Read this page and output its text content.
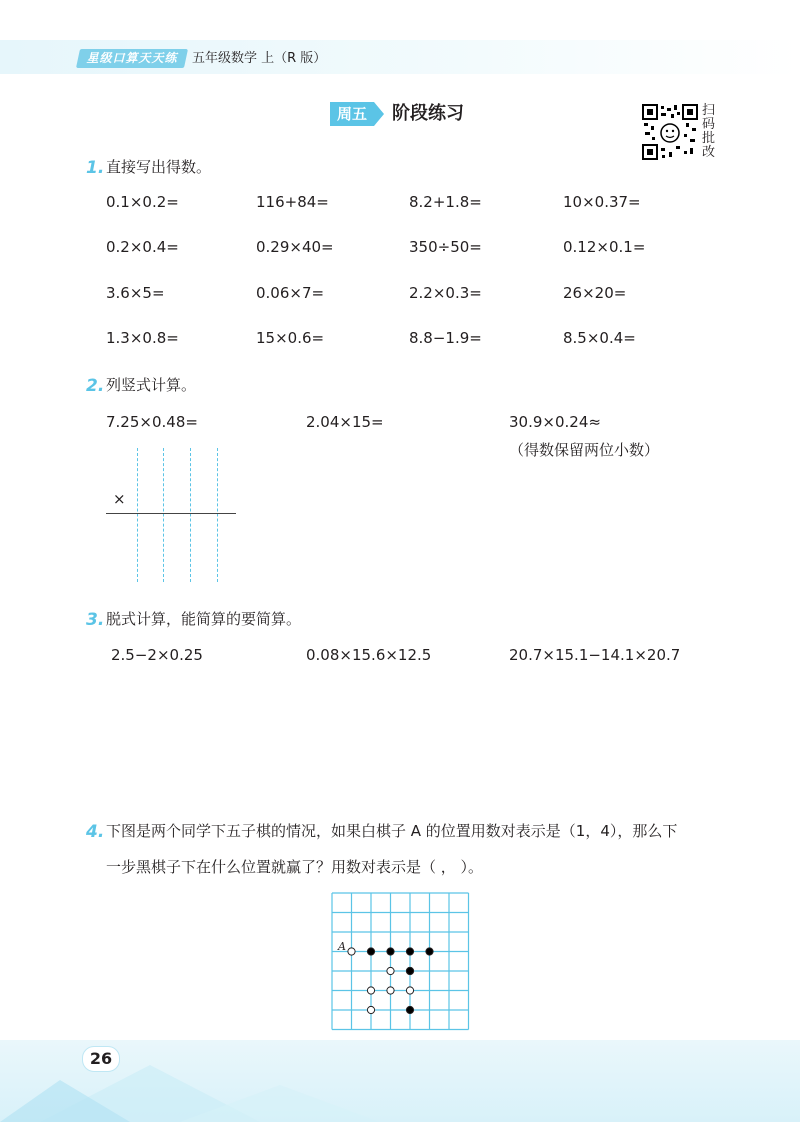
星级口算天天练	五年级数学 上（R 版）
周五	阶段练习	扫码批改
1. 直接写出得数。
0.1×0.2=	116+84=	8.2+1.8=	10×0.37=
0.2×0.4=	0.29×40=	350÷50=	0.12×0.1=
3.6×5=	0.06×7=	2.2×0.3=	26×20=
1.3×0.8=	15×0.6=	8.8−1.9=	8.5×0.4=
2. 列竖式计算。
7.25×0.48=	2.04×15=	30.9×0.24≈
（得数保留两位小数）
×
3. 脱式计算，能简算的要简算。
2.5−2×0.25	0.08×15.6×12.5	20.7×15.1−14.1×20.7
4. 下图是两个同学下五子棋的情况，如果白棋子 A 的位置用数对表示是（1，4），那么下
一步黑棋子下在什么位置就赢了？用数对表示是（ ， ）。
A
26
